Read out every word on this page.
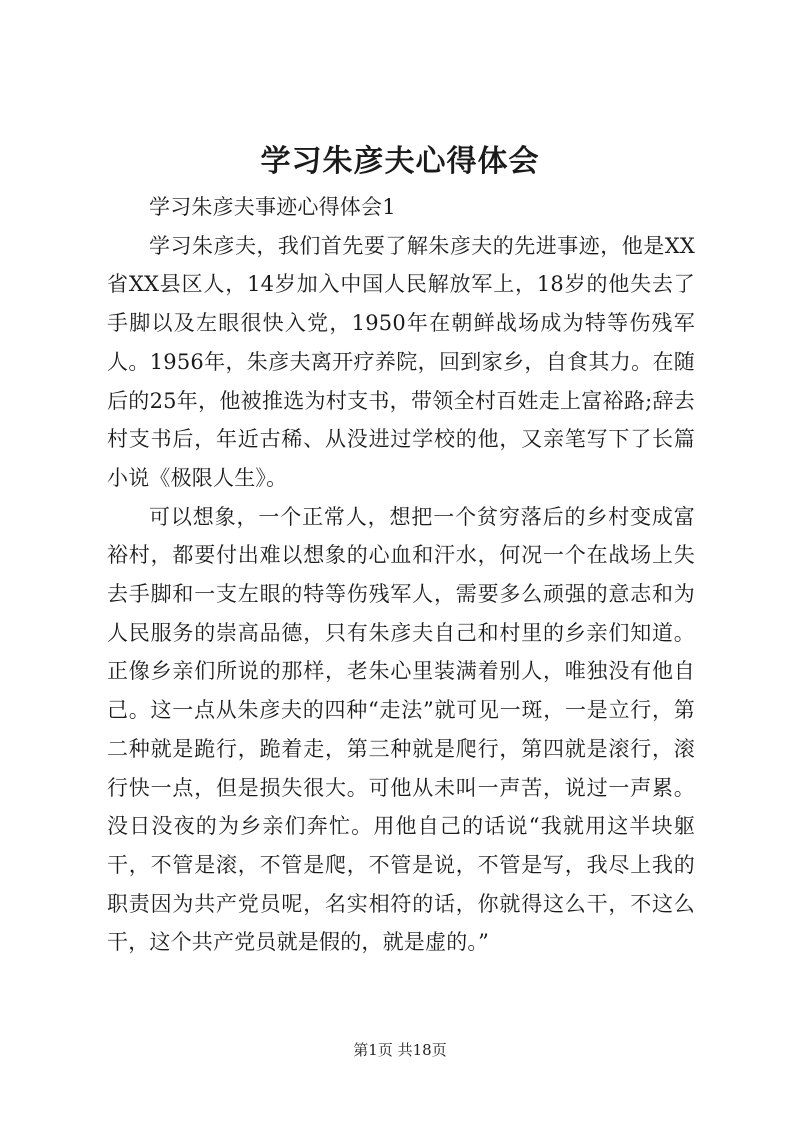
学习朱彦夫心得体会

学习朱彦夫事迹心得体会1

学习朱彦夫，我们首先要了解朱彦夫的先进事迹，他是XX省XX县区人，14岁加入中国人民解放军上，18岁的他失去了手脚以及左眼很快入党，1950年在朝鲜战场成为特等伤残军人。1956年，朱彦夫离开疗养院，回到家乡，自食其力。在随后的25年，他被推选为村支书，带领全村百姓走上富裕路;辞去村支书后，年近古稀、从没进过学校的他，又亲笔写下了长篇小说《极限人生》。

可以想象，一个正常人，想把一个贫穷落后的乡村变成富裕村，都要付出难以想象的心血和汗水，何况一个在战场上失去手脚和一支左眼的特等伤残军人，需要多么顽强的意志和为人民服务的崇高品德，只有朱彦夫自己和村里的乡亲们知道。正像乡亲们所说的那样，老朱心里装满着别人，唯独没有他自己。这一点从朱彦夫的四种“走法”就可见一斑，一是立行，第二种就是跪行，跪着走，第三种就是爬行，第四就是滚行，滚行快一点，但是损失很大。可他从未叫一声苦，说过一声累。没日没夜的为乡亲们奔忙。用他自己的话说“我就用这半块躯干，不管是滚，不管是爬，不管是说，不管是写，我尽上我的职责因为共产党员呢，名实相符的话，你就得这么干，不这么干，这个共产党员就是假的，就是虚的。”

第1页 共18页
